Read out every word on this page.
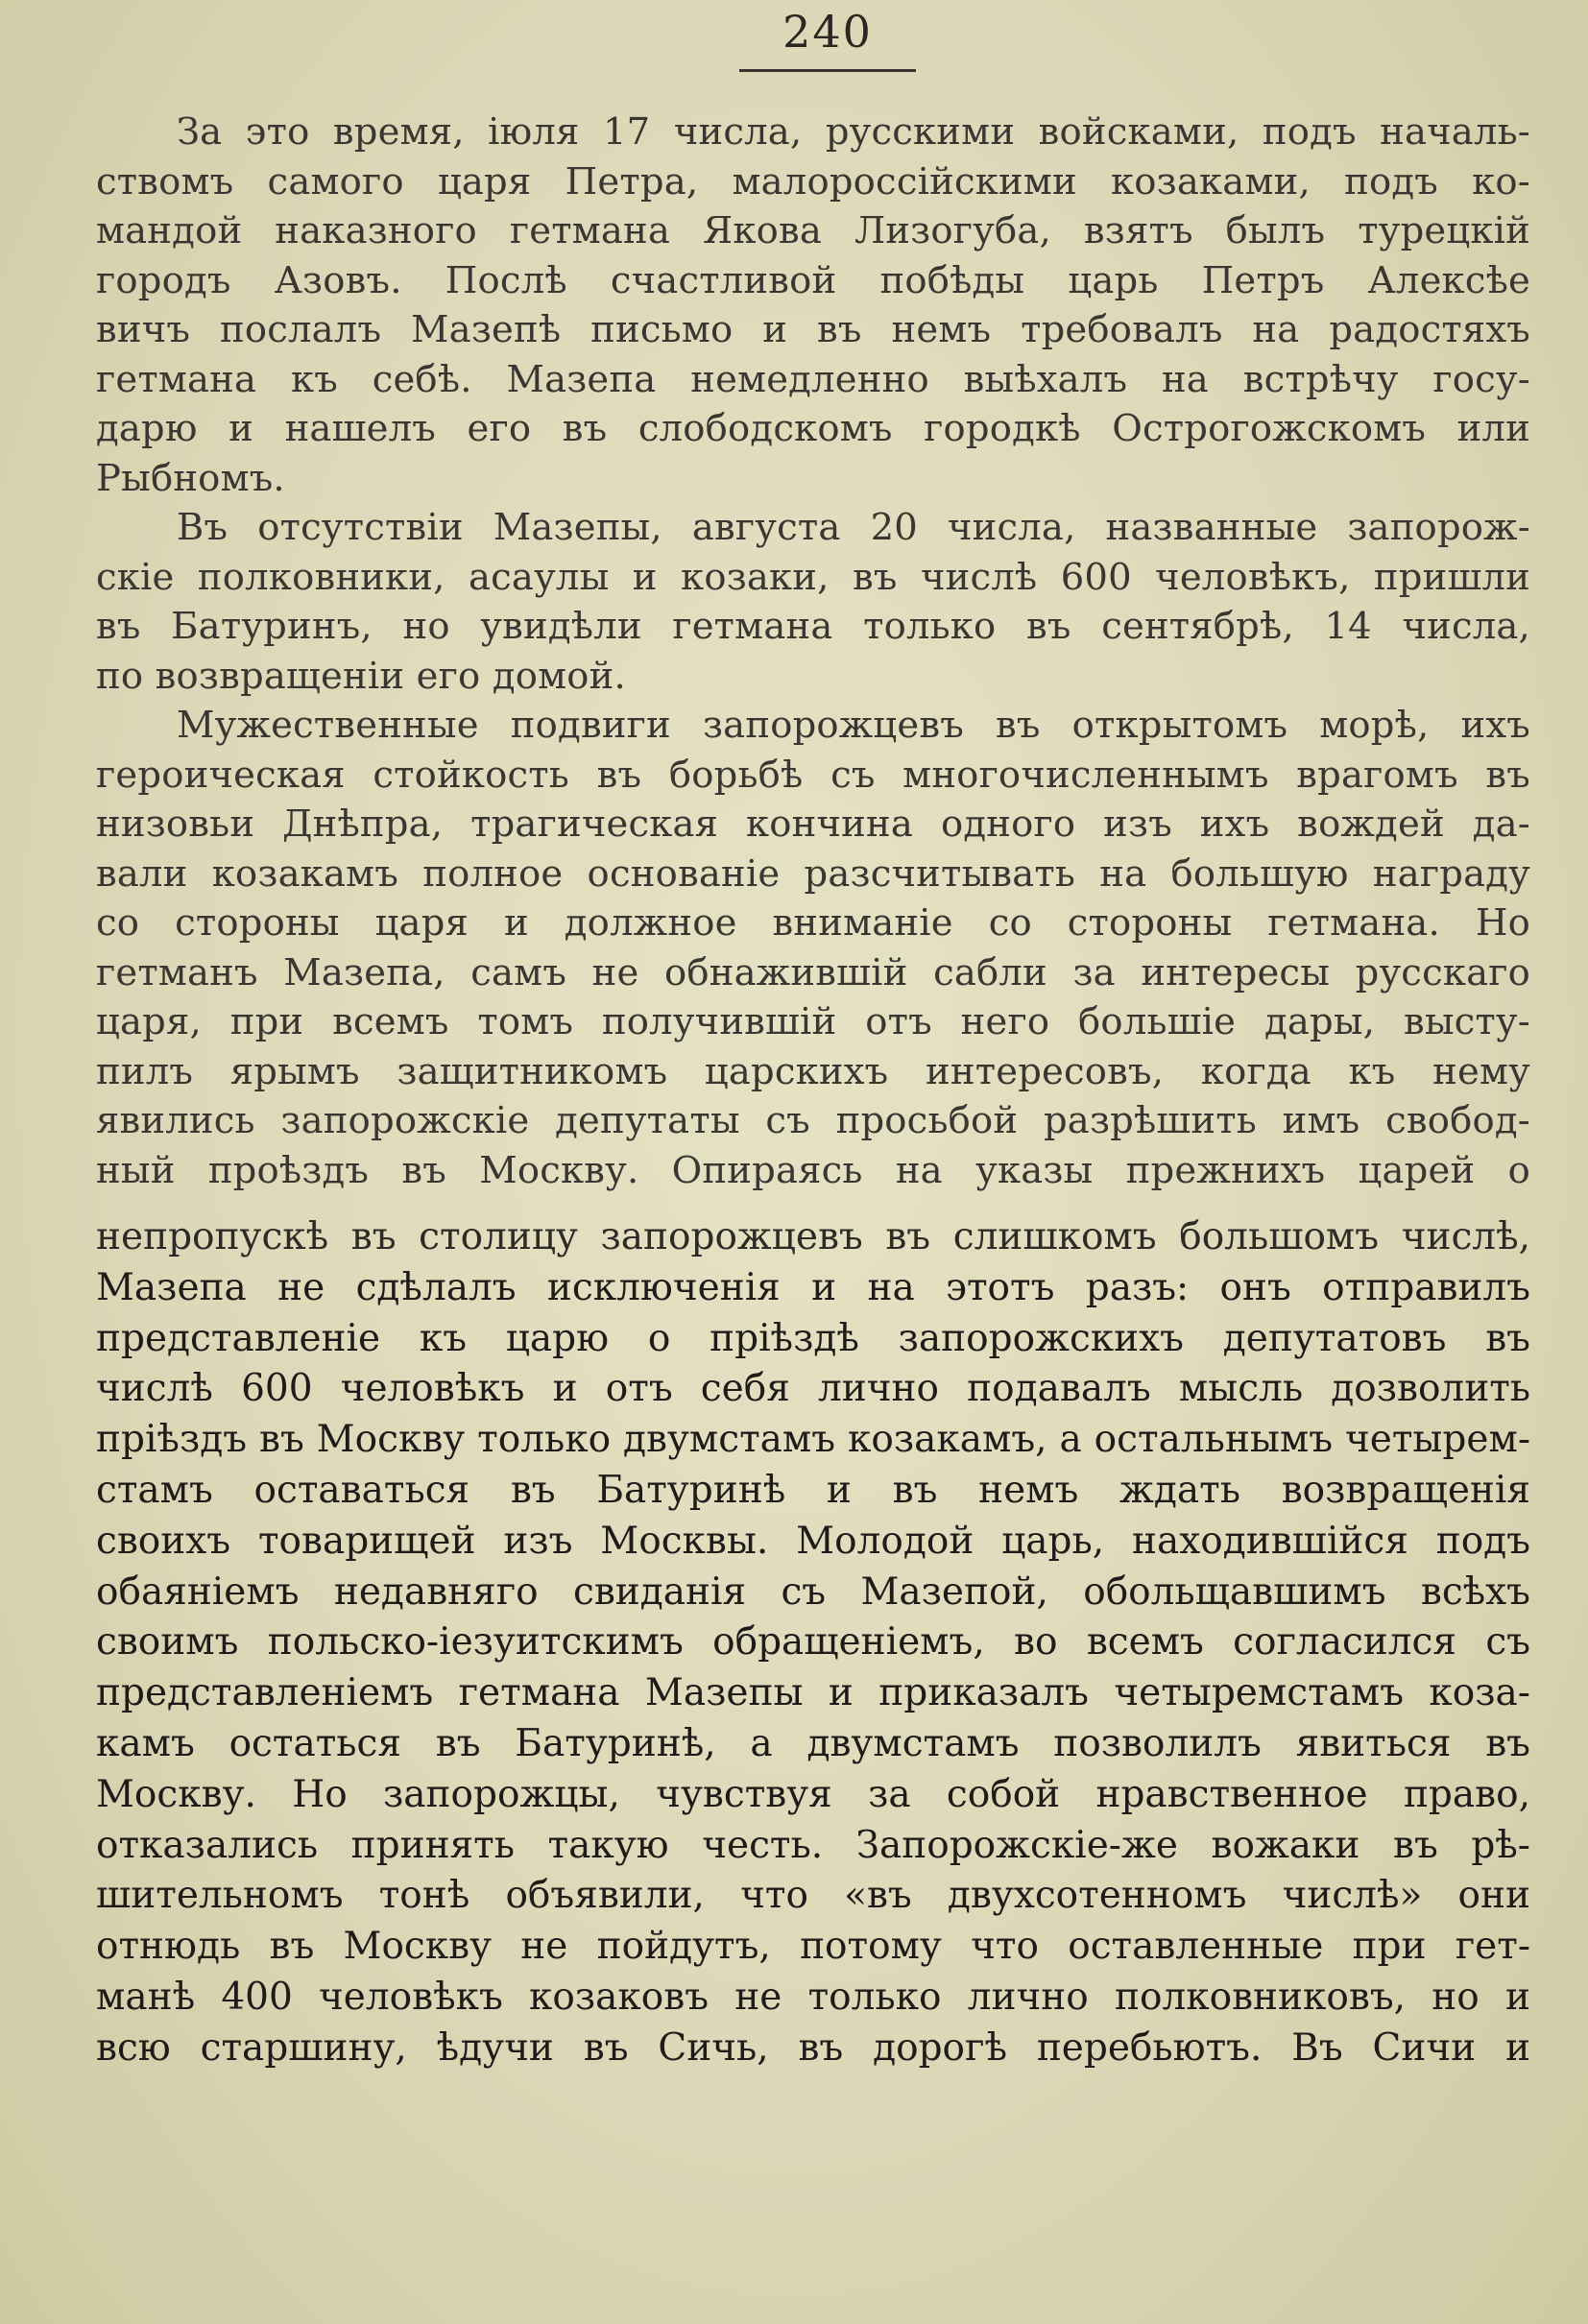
240
За это время, іюля 17 числа, русскими войсками, подъ началь-
ствомъ самого царя Петра, малороссійскими козаками, подъ ко-
мандой наказного гетмана Якова Лизогуба, взятъ былъ турецкій
городъ Азовъ. Послѣ счастливой побѣды царь Петръ Алексѣе
вичъ послалъ Мазепѣ письмо и въ немъ требовалъ на радостяхъ
гетмана къ себѣ. Мазепа немедленно выѣхалъ на встрѣчу госу-
дарю и нашелъ его въ слободскомъ городкѣ Острогожскомъ или
Рыбномъ.
Въ отсутствіи Мазепы, августа 20 числа, названные запорож-
скіе полковники, асаулы и козаки, въ числѣ 600 человѣкъ, пришли
въ Батуринъ, но увидѣли гетмана только въ сентябрѣ, 14 числа,
по возвращеніи его домой.
Мужественные подвиги запорожцевъ въ открытомъ морѣ, ихъ
героическая стойкость въ борьбѣ съ многочисленнымъ врагомъ въ
низовьи Днѣпра, трагическая кончина одного изъ ихъ вождей да-
вали козакамъ полное основаніе разсчитывать на большую награду
со стороны царя и должное вниманіе со стороны гетмана. Но
гетманъ Мазепа, самъ не обнажившій сабли за интересы русскаго
царя, при всемъ томъ получившій отъ него большіе дары, высту-
пилъ ярымъ защитникомъ царскихъ интересовъ, когда къ нему
явились запорожскіе депутаты съ просьбой разрѣшить имъ свобод-
ный проѣздъ въ Москву. Опираясь на указы прежнихъ царей о
непропускѣ въ столицу запорожцевъ въ слишкомъ большомъ числѣ,
Мазепа не сдѣлалъ исключенія и на этотъ разъ: онъ отправилъ
представленіе къ царю о пріѣздѣ запорожскихъ депутатовъ въ
числѣ 600 человѣкъ и отъ себя лично подавалъ мысль дозволить
пріѣздъ въ Москву только двумстамъ козакамъ, а остальнымъ четырем-
стамъ оставаться въ Батуринѣ и въ немъ ждать возвращенія
своихъ товарищей изъ Москвы. Молодой царь, находившійся подъ
обаяніемъ недавняго свиданія съ Мазепой, обольщавшимъ всѣхъ
своимъ польско-іезуитскимъ обращеніемъ, во всемъ согласился съ
представленіемъ гетмана Мазепы и приказалъ четыремстамъ коза-
камъ остаться въ Батуринѣ, а двумстамъ позволилъ явиться въ
Москву. Но запорожцы, чувствуя за собой нравственное право,
отказались принять такую честь. Запорожскіе-же вожаки въ рѣ-
шительномъ тонѣ объявили, что «въ двухсотенномъ числѣ» они
отнюдь въ Москву не пойдутъ, потому что оставленные при гет-
манѣ 400 человѣкъ козаковъ не только лично полковниковъ, но и
всю старшину, ѣдучи въ Сичь, въ дорогѣ перебьютъ. Въ Сичи и
